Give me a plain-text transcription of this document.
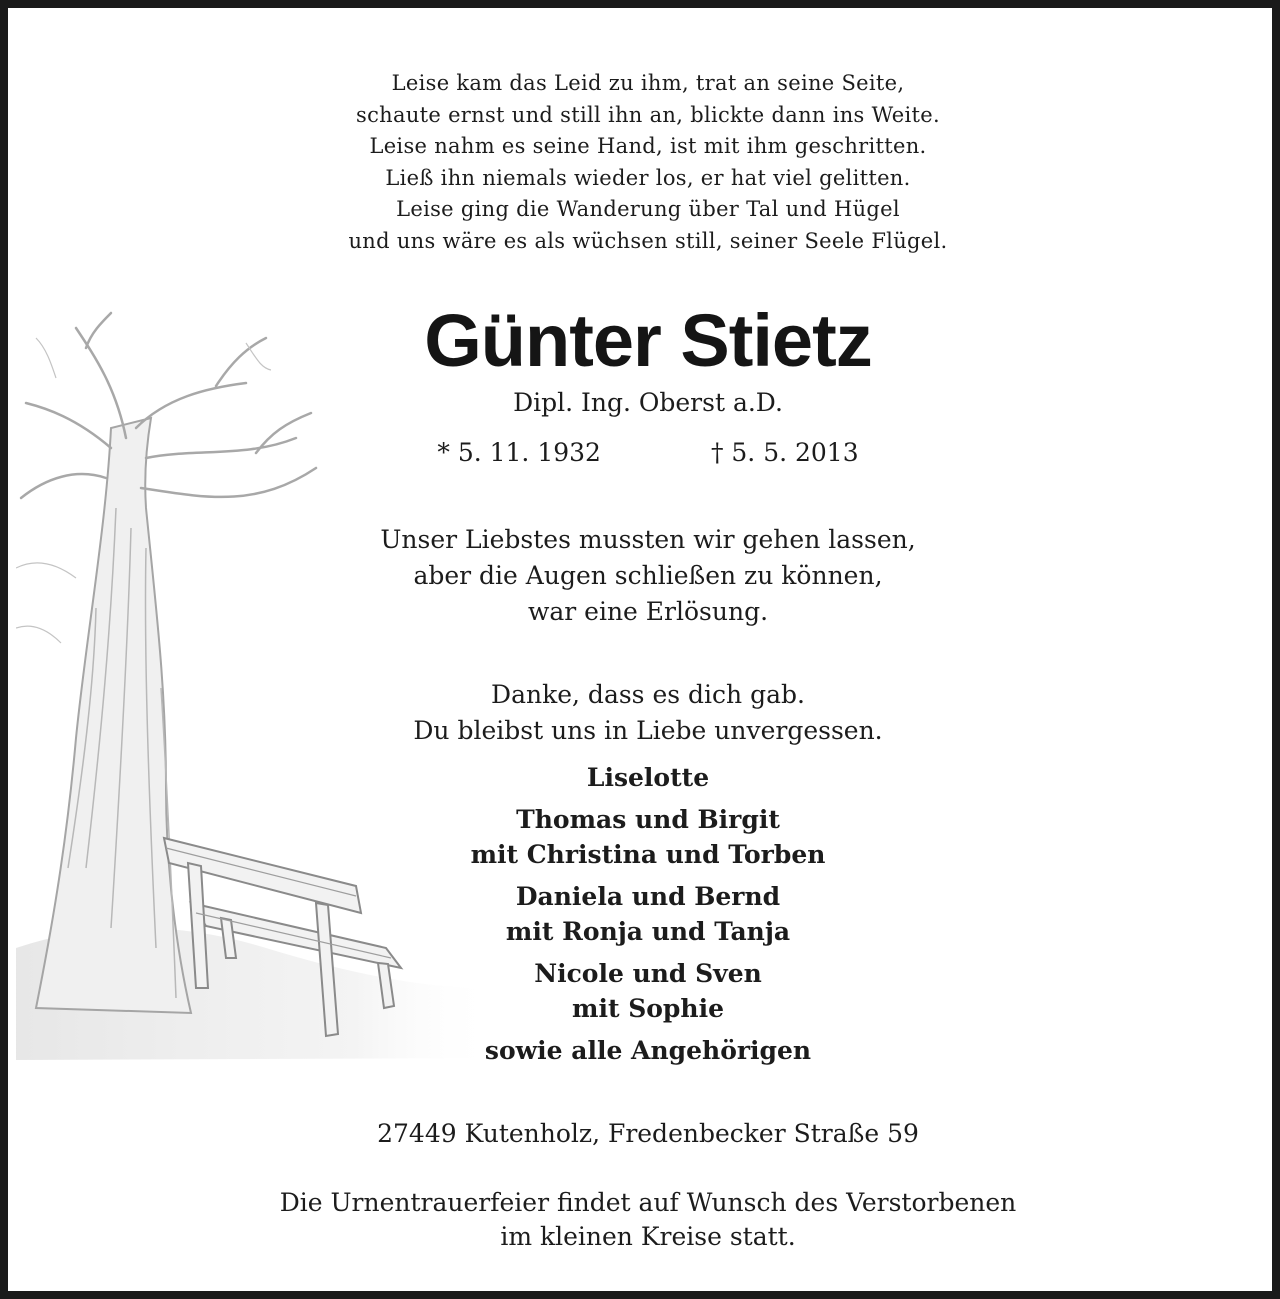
Leise kam das Leid zu ihm, trat an seine Seite,
schaute ernst und still ihn an, blickte dann ins Weite.
Leise nahm es seine Hand, ist mit ihm geschritten.
Ließ ihn niemals wieder los, er hat viel gelitten.
Leise ging die Wanderung über Tal und Hügel
und uns wäre es als wüchsen still, seiner Seele Flügel.
Günter Stietz
Dipl. Ing. Oberst a.D.
* 5. 11. 1932	† 5. 5. 2013
Unser Liebstes mussten wir gehen lassen,
aber die Augen schließen zu können,
war eine Erlösung.
Danke, dass es dich gab.
Du bleibst uns in Liebe unvergessen.
Liselotte
Thomas und Birgit
mit Christina und Torben
Daniela und Bernd
mit Ronja und Tanja
Nicole und Sven
mit Sophie
sowie alle Angehörigen
27449 Kutenholz, Fredenbecker Straße 59
Die Urnentrauerfeier findet auf Wunsch des Verstorbenen
im kleinen Kreise statt.
